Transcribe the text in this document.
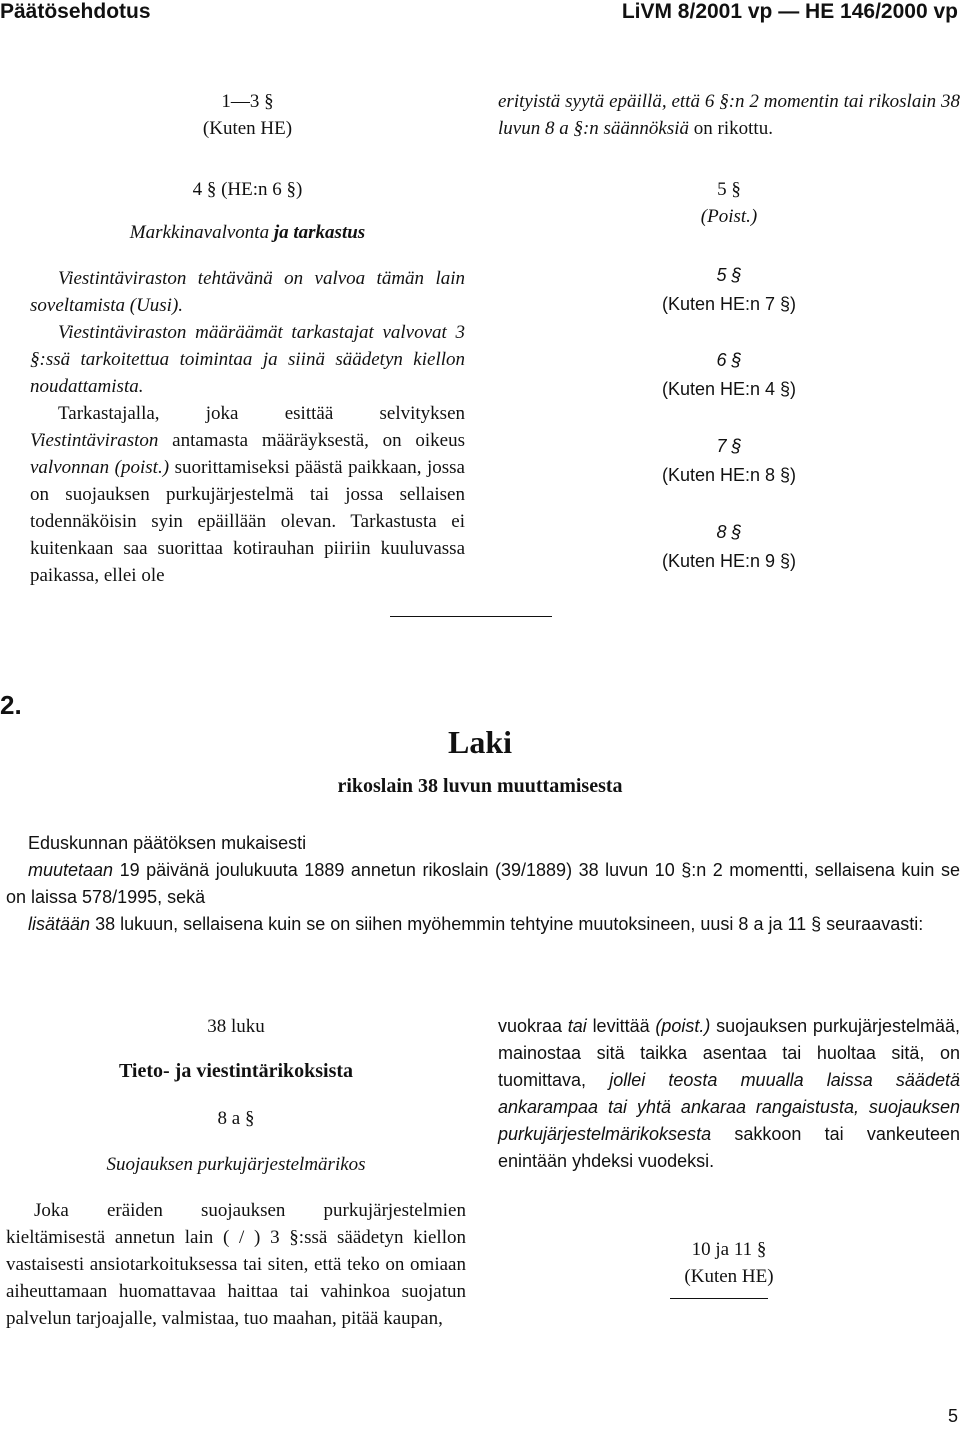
Päätösehdotus	LiVM 8/2001 vp — HE 146/2000 vp
1—3 §
(Kuten HE)
4 § (HE:n 6 §)
Markkinavalvonta ja tarkastus

Viestintäviraston tehtävänä on valvoa tämän lain soveltamista (Uusi).

Viestintäviraston määräämät tarkastajat valvovat 3 §:ssä tarkoitettua toimintaa ja siinä säädetyn kiellon noudattamista.

Tarkastajalla, joka esittää selvityksen Viestintäviraston antamasta määräyksestä, on oikeus valvonnan (poist.) suorittamiseksi päästä paikkaan, jossa on suojauksen purkujärjestelmä tai jossa sellaisen todennäköisin syin epäillään olevan. Tarkastusta ei kuitenkaan saa suorittaa kotirauhan piiriin kuuluvassa paikassa, ellei ole

erityistä syytä epäillä, että 6 §:n 2 momentin tai rikoslain 38 luvun 8 a §:n säännöksiä on rikottu.
5 §
(Poist.)
5 §
(Kuten HE:n 7 §)
6 §
(Kuten HE:n 4 §)
7 §
(Kuten HE:n 8 §)
8 §
(Kuten HE:n 9 §)
2.
Laki
rikoslain 38 luvun muuttamisesta

Eduskunnan päätöksen mukaisesti

muutetaan 19 päivänä joulukuuta 1889 annetun rikoslain (39/1889) 38 luvun 10 §:n 2 momentti, sellaisena kuin se on laissa 578/1995, sekä

lisätään 38 lukuun, sellaisena kuin se on siihen myöhemmin tehtyine muutoksineen, uusi 8 a ja 11 § seuraavasti:

38 luku
Tieto- ja viestintärikoksista
8 a §
Suojauksen purkujärjestelmärikos

Joka eräiden suojauksen purkujärjestelmien kieltämisestä annetun lain ( / ) 3 §:ssä säädetyn kiellon vastaisesti ansiotarkoituksessa tai siten, että teko on omiaan aiheuttamaan huomattavaa haittaa tai vahinkoa suojatun palvelun tarjoajalle, valmistaa, tuo maahan, pitää kaupan,

vuokraa tai levittää (poist.) suojauksen purkujärjestelmää, mainostaa sitä taikka asentaa tai huoltaa sitä, on tuomittava, jollei teosta muualla laissa säädetä ankarampaa tai yhtä ankaraa rangaistusta, suojauksen purkujärjestelmärikoksesta sakkoon tai vankeuteen enintään yhdeksi vuodeksi.
10 ja 11 §
(Kuten HE)
5
